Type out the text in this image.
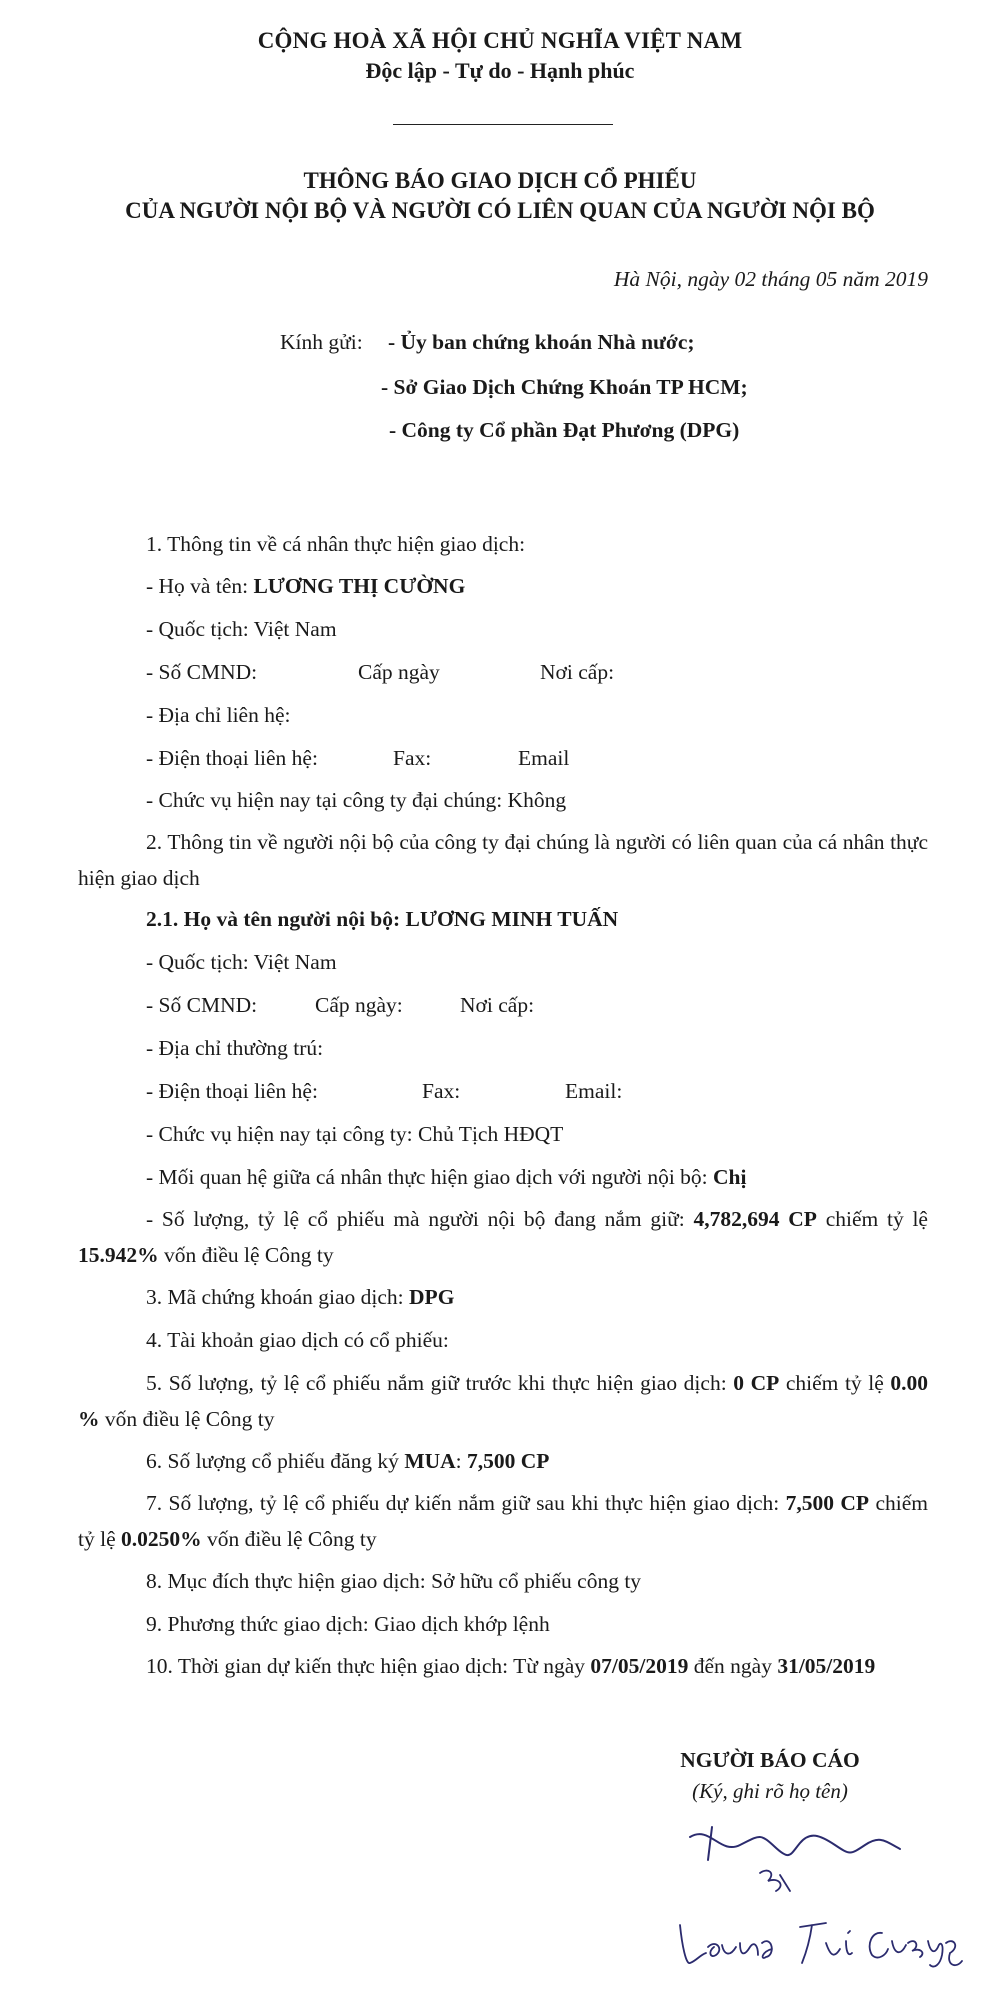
CỘNG HOÀ XÃ HỘI CHỦ NGHĨA VIỆT NAM
Độc lập - Tự do - Hạnh phúc
THÔNG BÁO GIAO DỊCH CỔ PHIẾU
CỦA NGƯỜI NỘI BỘ VÀ NGƯỜI CÓ LIÊN QUAN CỦA NGƯỜI NỘI BỘ
Hà Nội, ngày 02 tháng 05 năm 2019
Kính gửi: - Ủy ban chứng khoán Nhà nước;
- Sở Giao Dịch Chứng Khoán TP HCM;
- Công ty Cổ phần Đạt Phương (DPG)
1. Thông tin về cá nhân thực hiện giao dịch:
- Họ và tên: LƯƠNG THỊ CƯỜNG
- Quốc tịch: Việt Nam
- Số CMND:	Cấp ngày	Nơi cấp:
- Địa chỉ liên hệ:
- Điện thoại liên hệ:	Fax:	Email
- Chức vụ hiện nay tại công ty đại chúng: Không
2. Thông tin về người nội bộ của công ty đại chúng là người có liên quan của cá nhân thực hiện giao dịch
2.1. Họ và tên người nội bộ: LƯƠNG MINH TUẤN
- Quốc tịch: Việt Nam
- Số CMND:	Cấp ngày:	Nơi cấp:
- Địa chỉ thường trú:
- Điện thoại liên hệ:	Fax:	Email:
- Chức vụ hiện nay tại công ty: Chủ Tịch HĐQT
- Mối quan hệ giữa cá nhân thực hiện giao dịch với người nội bộ: Chị
- Số lượng, tỷ lệ cổ phiếu mà người nội bộ đang nắm giữ: 4,782,694 CP chiếm tỷ lệ 15.942% vốn điều lệ Công ty
3. Mã chứng khoán giao dịch: DPG
4. Tài khoản giao dịch có cổ phiếu:
5. Số lượng, tỷ lệ cổ phiếu nắm giữ trước khi thực hiện giao dịch: 0 CP chiếm tỷ lệ 0.00 % vốn điều lệ Công ty
6. Số lượng cổ phiếu đăng ký MUA: 7,500 CP
7. Số lượng, tỷ lệ cổ phiếu dự kiến nắm giữ sau khi thực hiện giao dịch: 7,500 CP chiếm tỷ lệ 0.0250% vốn điều lệ Công ty
8. Mục đích thực hiện giao dịch: Sở hữu cổ phiếu công ty
9. Phương thức giao dịch: Giao dịch khớp lệnh
10. Thời gian dự kiến thực hiện giao dịch: Từ ngày 07/05/2019 đến ngày 31/05/2019
NGƯỜI BÁO CÁO
(Ký, ghi rõ họ tên)
